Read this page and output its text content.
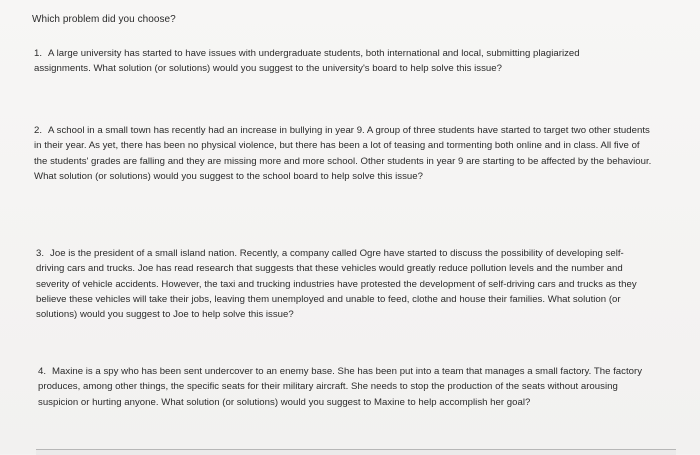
Which problem did you choose?
1. A large university has started to have issues with undergraduate students, both international and local, submitting plagiarized assignments. What solution (or solutions) would you suggest to the university's board to help solve this issue?
2. A school in a small town has recently had an increase in bullying in year 9. A group of three students have started to target two other students in their year. As yet, there has been no physical violence, but there has been a lot of teasing and tormenting both online and in class. All five of the students' grades are falling and they are missing more and more school. Other students in year 9 are starting to be affected by the behaviour. What solution (or solutions) would you suggest to the school board to help solve this issue?
3. Joe is the president of a small island nation. Recently, a company called Ogre have started to discuss the possibility of developing self-driving cars and trucks. Joe has read research that suggests that these vehicles would greatly reduce pollution levels and the number and severity of vehicle accidents. However, the taxi and trucking industries have protested the development of self-driving cars and trucks as they believe these vehicles will take their jobs, leaving them unemployed and unable to feed, clothe and house their families. What solution (or solutions) would you suggest to Joe to help solve this issue?
4. Maxine is a spy who has been sent undercover to an enemy base. She has been put into a team that manages a small factory. The factory produces, among other things, the specific seats for their military aircraft. She needs to stop the production of the seats without arousing suspicion or hurting anyone. What solution (or solutions) would you suggest to Maxine to help accomplish her goal?
